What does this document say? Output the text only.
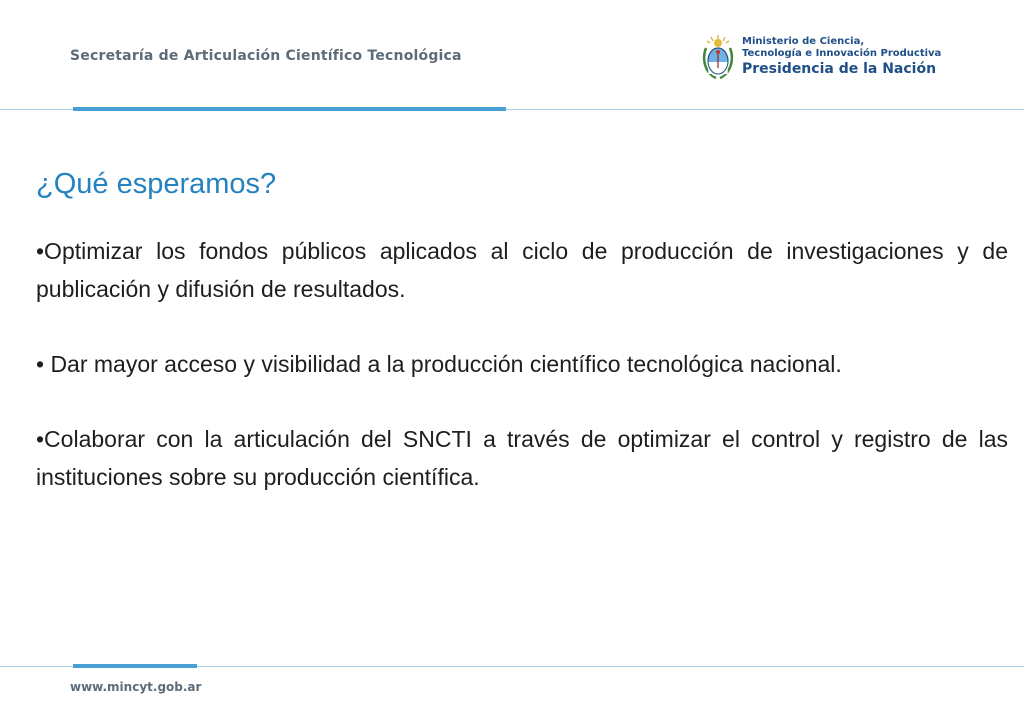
Secretaría de Articulación Científico Tecnológica
Ministerio de Ciencia,
Tecnología e Innovación Productiva
Presidencia de la Nación
¿Qué esperamos?

•Optimizar los fondos públicos aplicados al ciclo de producción de investigaciones y de publicación y difusión de resultados.

• Dar mayor acceso y visibilidad a la producción científico tecnológica nacional.

•Colaborar con la articulación del SNCTI a través de optimizar el control y registro de las instituciones sobre su producción científica.

www.mincyt.gob.ar
